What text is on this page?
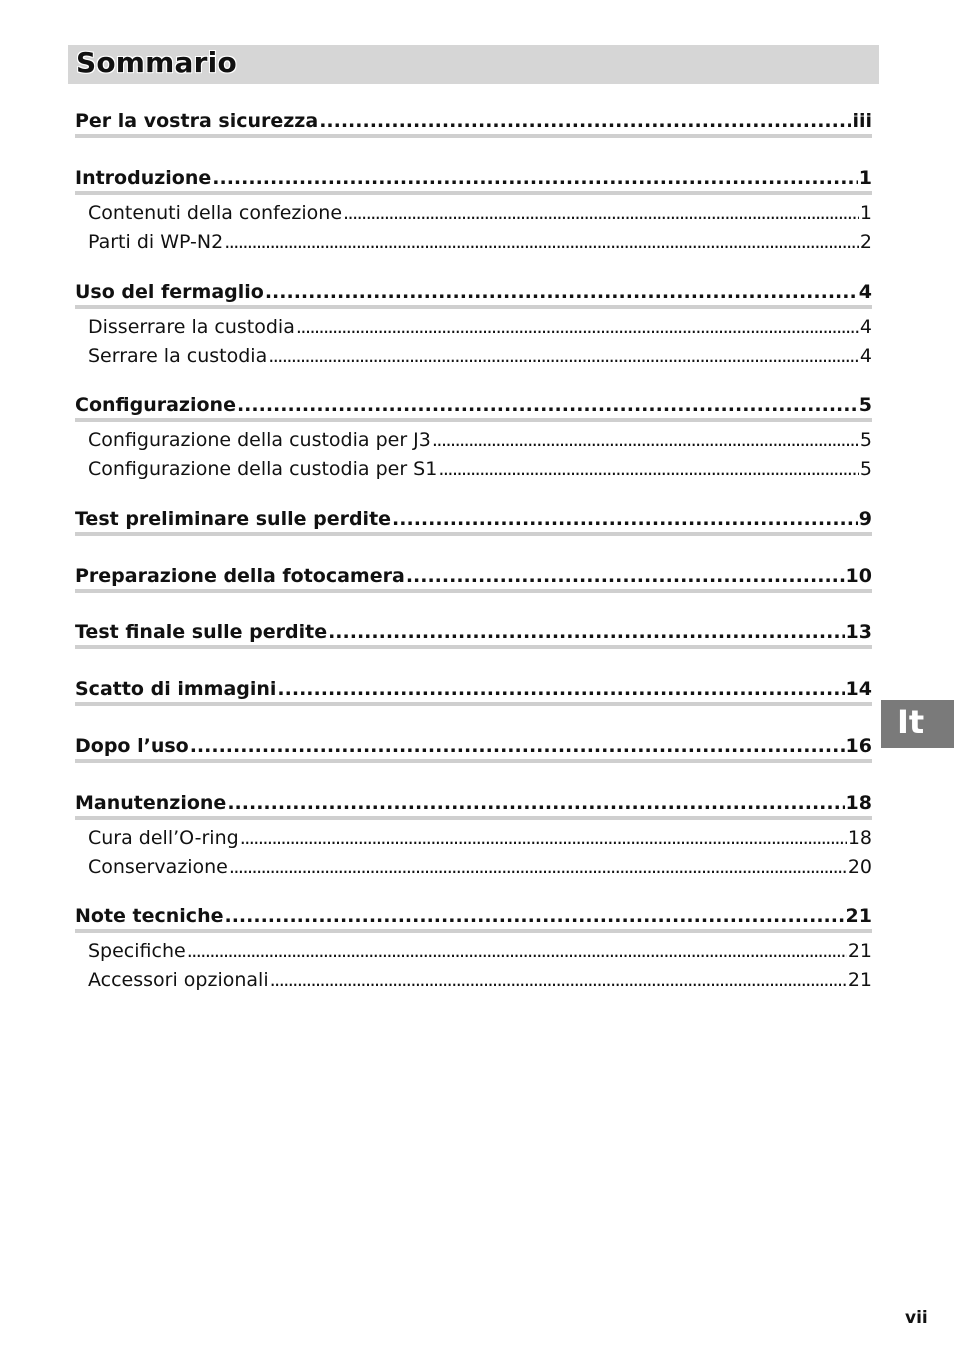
Sommario
Per la vostra sicurezza .....	iii
Introduzione .....	1
Contenuti della confezione .....	1
Parti di WP-N2 .....	2
Uso del fermaglio .....	4
Disserrare la custodia .....	4
Serrare la custodia .....	4
Configurazione .....	5
Configurazione della custodia per J3 .....	5
Configurazione della custodia per S1 .....	5
Test preliminare sulle perdite .....	9
Preparazione della fotocamera .....	10
Test finale sulle perdite .....	13
Scatto di immagini .....	14
Dopo l’uso .....	16
Manutenzione .....	18
Cura dell’O-ring .....	18
Conservazione .....	20
Note tecniche .....	21
Specifiche .....	21
Accessori opzionali .....	21
It
vii
